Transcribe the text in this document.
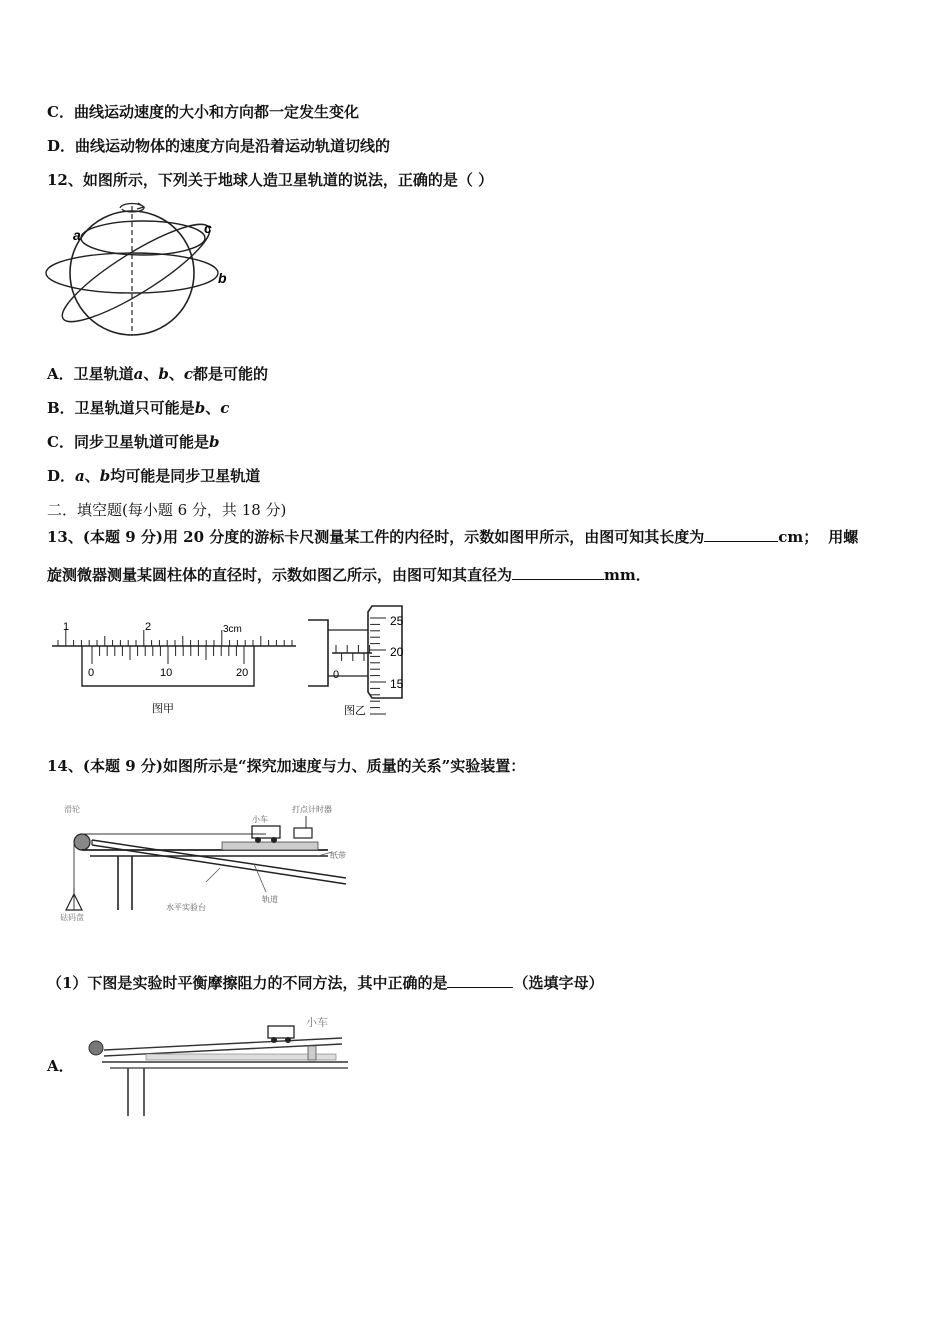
C．曲线运动速度的大小和方向都一定发生变化
D．曲线运动物体的速度方向是沿着运动轨道切线的
12、如图所示，下列关于地球人造卫星轨道的说法，正确的是（ ）
a
b
c
A．卫星轨道a、b、c都是可能的
B．卫星轨道只可能是b、c
C．同步卫星轨道可能是b
D．a、b均可能是同步卫星轨道
二．填空题(每小题 6 分，共 18 分)
13、(本题 9 分)用 20 分度的游标卡尺测量某工件的内径时，示数如图甲所示，由图可知其长度为	cm； 用螺
旋测微器测量某圆柱体的直径时，示数如图乙所示，由图可知其直径为	mm．
1	2	3cm
0	10	20
图甲
0
25
20
15
图乙
14、(本题 9 分)如图所示是“探究加速度与力、质量的关系”实验装置：
滑轮
小车
打点计时器
纸带
水平实验台
轨道
砝码盘
（1）下图是实验时平衡摩擦阻力的不同方法，其中正确的是	（选填字母）
A．
小车
